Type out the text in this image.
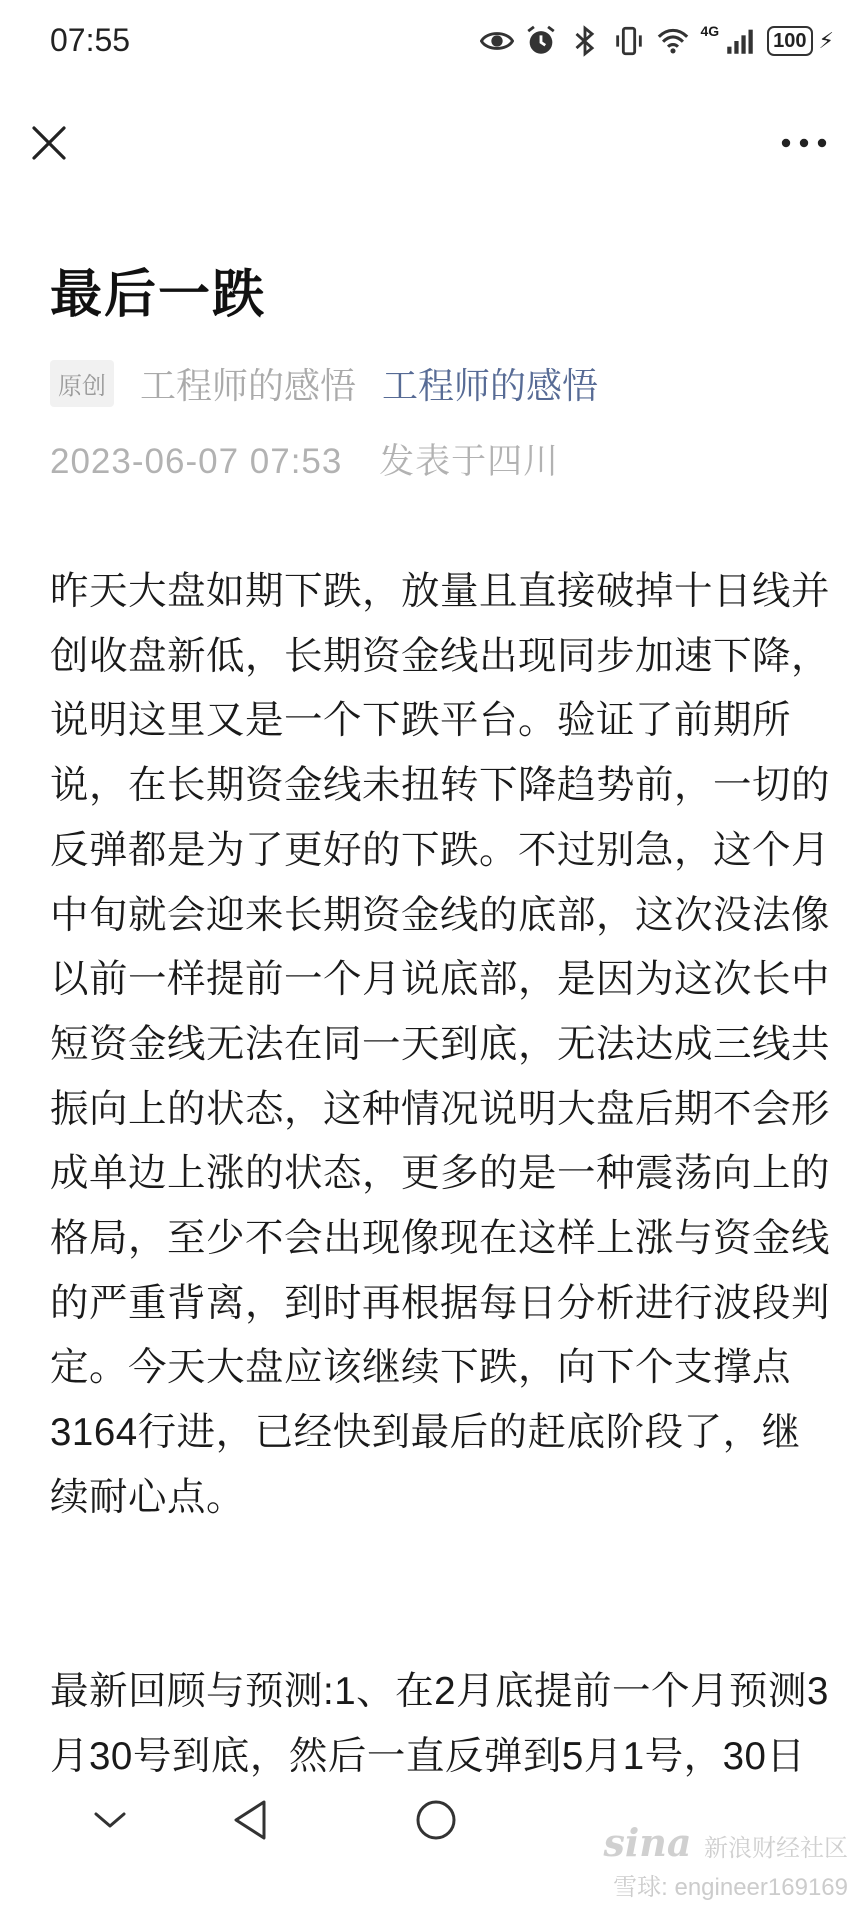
07:55	4G	100 ⚡
最后一跌
原创 工程师的感悟 工程师的感悟
2023-06-07 07:53 发表于四川

昨天大盘如期下跌，放量且直接破掉十日线并创收盘新低，长期资金线出现同步加速下降，说明这里又是一个下跌平台。验证了前期所说，在长期资金线未扭转下降趋势前，一切的反弹都是为了更好的下跌。不过别急，这个月中旬就会迎来长期资金线的底部，这次没法像以前一样提前一个月说底部，是因为这次长中短资金线无法在同一天到底，无法达成三线共振向上的状态，这种情况说明大盘后期不会形成单边上涨的状态，更多的是一种震荡向上的格局，至少不会出现像现在这样上涨与资金线的严重背离，到时再根据每日分析进行波段判定。今天大盘应该继续下跌，向下个支撑点3164行进，已经快到最后的赶底阶段了，继续耐心点。

最新回顾与预测:1、在2月底提前一个月预测3月30号到底，然后一直反弹到5月1号，30日

sina 新浪财经社区
雪球: engineer169169
